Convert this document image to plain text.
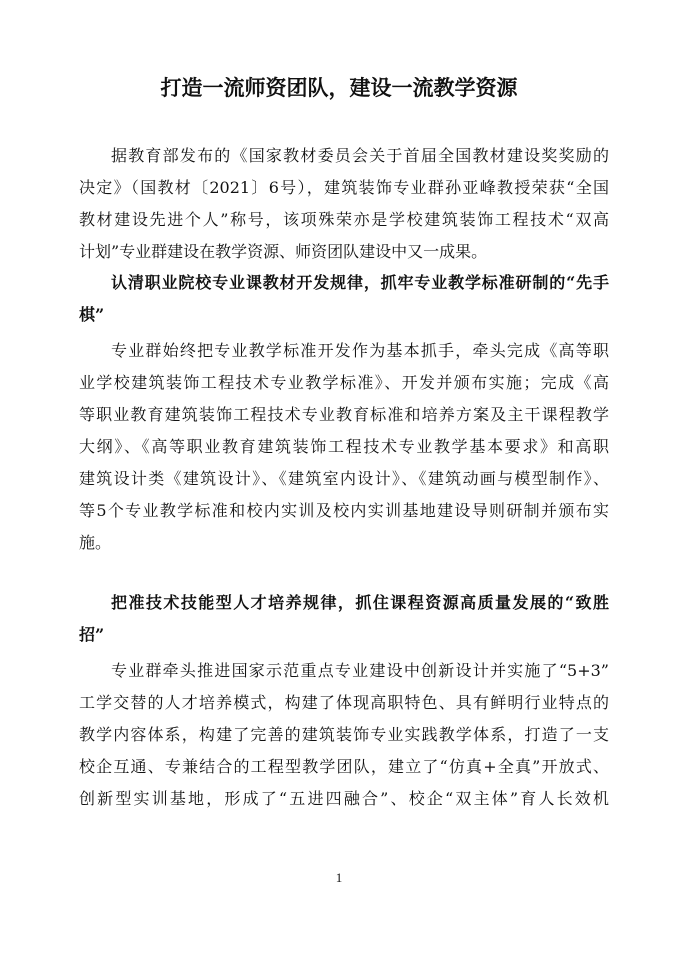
打造一流师资团队，建设一流教学资源
据教育部发布的《国家教材委员会关于首届全国教材建设奖奖励的
决定》（国教材〔2021〕6号），建筑装饰专业群孙亚峰教授荣获“全国
教材建设先进个人”称号，该项殊荣亦是学校建筑装饰工程技术“双高
计划”专业群建设在教学资源、师资团队建设中又一成果。
认清职业院校专业课教材开发规律，抓牢专业教学标准研制的“先手
棋”
专业群始终把专业教学标准开发作为基本抓手，牵头完成《高等职
业学校建筑装饰工程技术专业教学标准》、开发并颁布实施；完成《高
等职业教育建筑装饰工程技术专业教育标准和培养方案及主干课程教学
大纲》、《高等职业教育建筑装饰工程技术专业教学基本要求》和高职
建筑设计类《建筑设计》、《建筑室内设计》、《建筑动画与模型制作》、
等5个专业教学标准和校内实训及校内实训基地建设导则研制并颁布实
施。
把准技术技能型人才培养规律，抓住课程资源高质量发展的“致胜
招”
专业群牵头推进国家示范重点专业建设中创新设计并实施了“5+3”
工学交替的人才培养模式，构建了体现高职特色、具有鲜明行业特点的
教学内容体系，构建了完善的建筑装饰专业实践教学体系，打造了一支
校企互通、专兼结合的工程型教学团队，建立了“仿真+全真”开放式、
创新型实训基地，形成了“五进四融合”、校企“双主体”育人长效机
1
